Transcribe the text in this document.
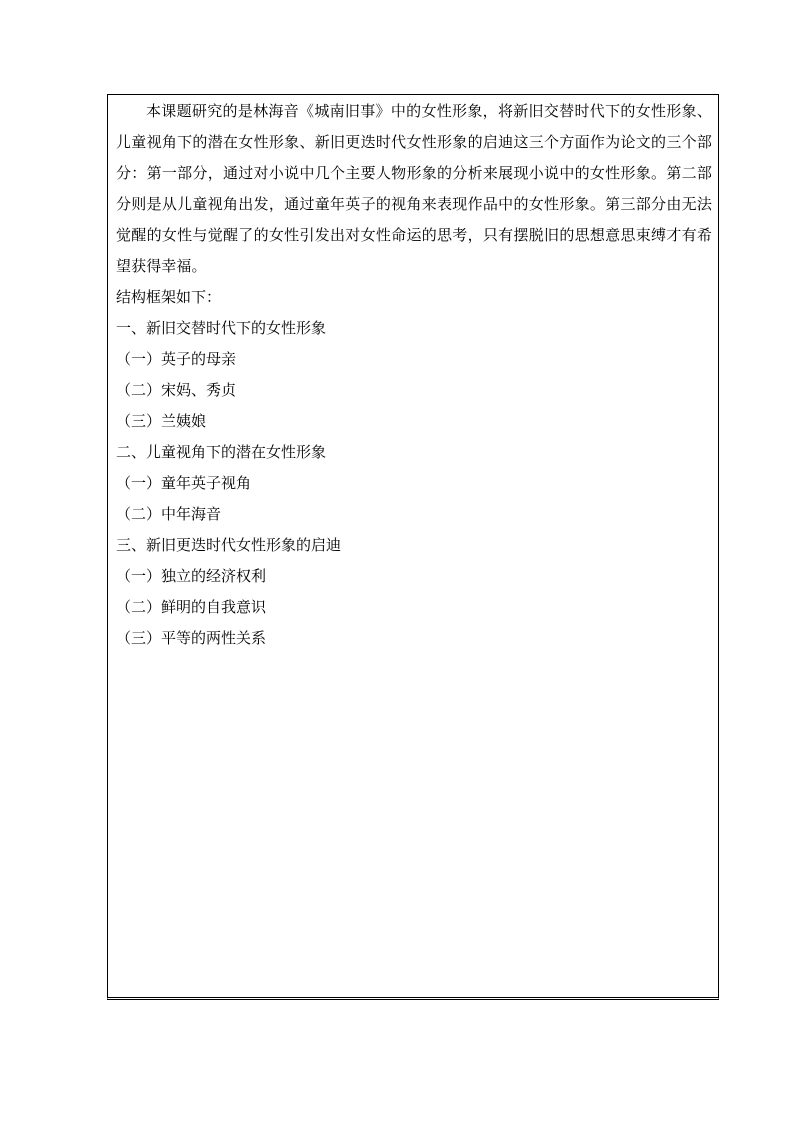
本课题研究的是林海音《城南旧事》中的女性形象，将新旧交替时代下的女性形象、儿童视角下的潜在女性形象、新旧更迭时代女性形象的启迪这三个方面作为论文的三个部分：第一部分，通过对小说中几个主要人物形象的分析来展现小说中的女性形象。第二部分则是从儿童视角出发，通过童年英子的视角来表现作品中的女性形象。第三部分由无法觉醒的女性与觉醒了的女性引发出对女性命运的思考，只有摆脱旧的思想意思束缚才有希望获得幸福。

结构框架如下：

一、新旧交替时代下的女性形象

（一）英子的母亲

（二）宋妈、秀贞

（三）兰姨娘

二、儿童视角下的潜在女性形象

（一）童年英子视角

（二）中年海音

三、新旧更迭时代女性形象的启迪

（一）独立的经济权利

（二）鲜明的自我意识

（三）平等的两性关系
